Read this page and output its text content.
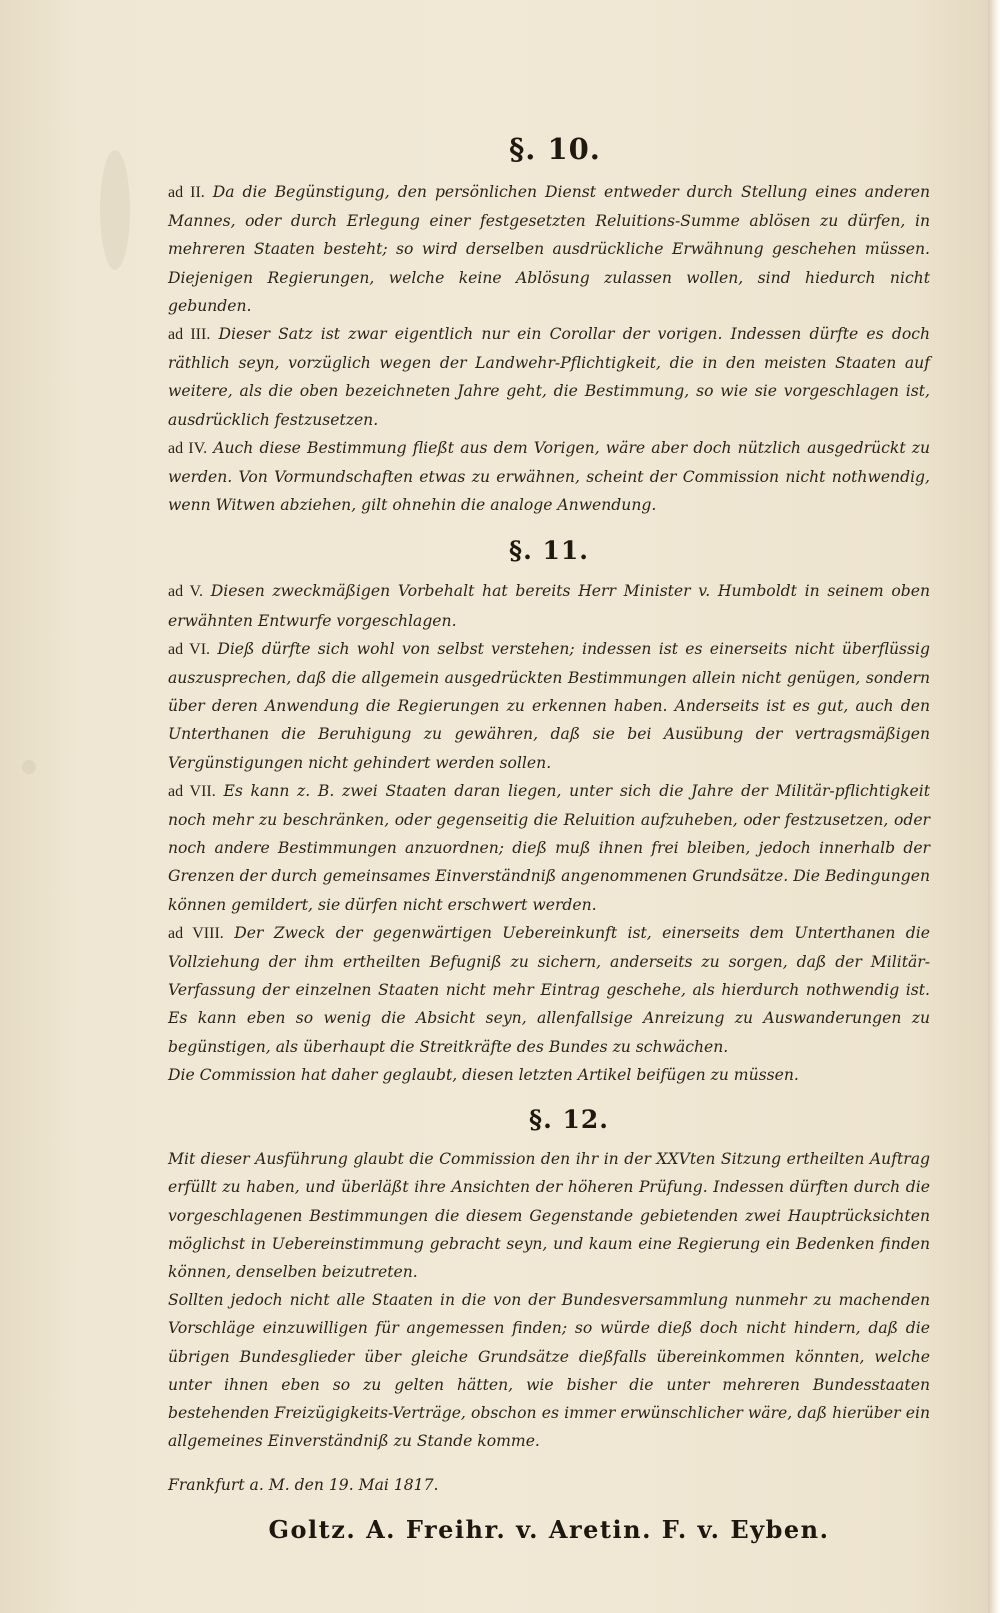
§. 10.

ad II. Da die Begünstigung, den persönlichen Dienst entweder durch Stellung eines anderen Mannes, oder durch Erlegung einer festgesetzten Reluitions-Summe ablösen zu dürfen, in mehreren Staaten besteht; so wird derselben ausdrückliche Erwähnung geschehen müssen. Diejenigen Regierungen, welche keine Ablösung zulassen wollen, sind hiedurch nicht gebunden.

ad III. Dieser Satz ist zwar eigentlich nur ein Corollar der vorigen. Indessen dürfte es doch räthlich seyn, vorzüglich wegen der Landwehr-Pflichtigkeit, die in den meisten Staaten auf weitere, als die oben bezeichneten Jahre geht, die Bestimmung, so wie sie vorgeschlagen ist, ausdrücklich festzusetzen.

ad IV. Auch diese Bestimmung fließt aus dem Vorigen, wäre aber doch nützlich ausgedrückt zu werden. Von Vormundschaften etwas zu erwähnen, scheint der Commission nicht nothwendig, wenn Witwen abziehen, gilt ohnehin die analoge Anwendung.

§. 11.

ad V. Diesen zweckmäßigen Vorbehalt hat bereits Herr Minister v. Humboldt in seinem oben erwähnten Entwurfe vorgeschlagen.

ad VI. Dieß dürfte sich wohl von selbst verstehen; indessen ist es einerseits nicht überflüssig auszusprechen, daß die allgemein ausgedrückten Bestimmungen allein nicht genügen, sondern über deren Anwendung die Regierungen zu erkennen haben. Anderseits ist es gut, auch den Unterthanen die Beruhigung zu gewähren, daß sie bei Ausübung der vertragsmäßigen Vergünstigungen nicht gehindert werden sollen.

ad VII. Es kann z. B. zwei Staaten daran liegen, unter sich die Jahre der Militär-pflichtigkeit noch mehr zu beschränken, oder gegenseitig die Reluition aufzuheben, oder festzusetzen, oder noch andere Bestimmungen anzuordnen; dieß muß ihnen frei bleiben, jedoch innerhalb der Grenzen der durch gemeinsames Einverständniß angenommenen Grundsätze. Die Bedingungen können gemildert, sie dürfen nicht erschwert werden.

ad VIII. Der Zweck der gegenwärtigen Uebereinkunft ist, einerseits dem Unterthanen die Vollziehung der ihm ertheilten Befugniß zu sichern, anderseits zu sorgen, daß der Militär-Verfassung der einzelnen Staaten nicht mehr Eintrag geschehe, als hierdurch nothwendig ist. Es kann eben so wenig die Absicht seyn, allenfallsige Anreizung zu Auswanderungen zu begünstigen, als überhaupt die Streitkräfte des Bundes zu schwächen.

Die Commission hat daher geglaubt, diesen letzten Artikel beifügen zu müssen.

§. 12.

Mit dieser Ausführung glaubt die Commission den ihr in der XXVten Sitzung ertheilten Auftrag erfüllt zu haben, und überläßt ihre Ansichten der höheren Prüfung. Indessen dürften durch die vorgeschlagenen Bestimmungen die diesem Gegenstande gebietenden zwei Hauptrücksichten möglichst in Uebereinstimmung gebracht seyn, und kaum eine Regierung ein Bedenken finden können, denselben beizutreten.

Sollten jedoch nicht alle Staaten in die von der Bundesversammlung nunmehr zu machenden Vorschläge einzuwilligen für angemessen finden; so würde dieß doch nicht hindern, daß die übrigen Bundesglieder über gleiche Grundsätze dießfalls übereinkommen könnten, welche unter ihnen eben so zu gelten hätten, wie bisher die unter mehreren Bundesstaaten bestehenden Freizügigkeits-Verträge, obschon es immer erwünschlicher wäre, daß hierüber ein allgemeines Einverständniß zu Stande komme.

Frankfurt a. M. den 19. Mai 1817.

Goltz. A. Freihr. v. Aretin. F. v. Eyben.
